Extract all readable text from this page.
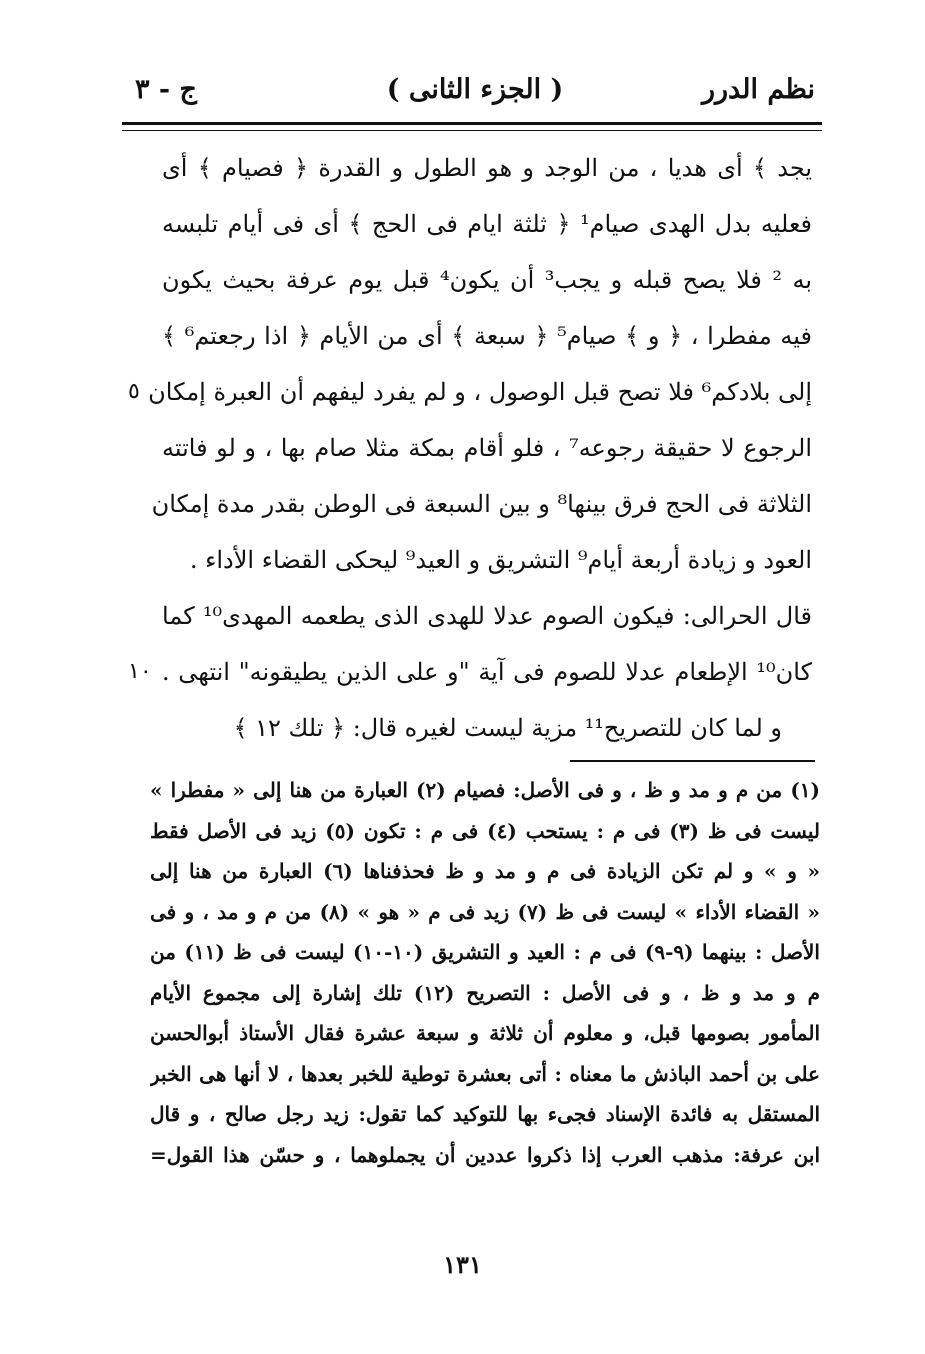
نظم الدرر
( الجزء الثانى )
ج - ٣
يجد ﴾ أى هديا ، من الوجد و هو الطول و القدرة ﴿ فصيام ﴾ أى
فعليه بدل الهدى صيام¹ ﴿ ثلثة ايام فى الحج ﴾ أى فى أيام تلبسه
به ² فلا يصح قبله و يجب³ أن يكون⁴ قبل يوم عرفة بحيث يكون
فيه مفطرا ، ﴿ و ﴾ صيام⁵ ﴿ سبعة ﴾ أى من الأيام ﴿ اذا رجعتم⁶ ﴾
إلى بلادكم⁶ فلا تصح قبل الوصول ، و لم يفرد ليفهم أن العبرة إمكان
٥
الرجوع لا حقيقة رجوعه⁷ ، فلو أقام بمكة مثلا صام بها ، و لو فاتته
الثلاثة فى الحج فرق بينها⁸ و بين السبعة فى الوطن بقدر مدة إمكان
العود و زيادة أربعة أيام⁹ التشريق و العيد⁹ ليحكى القضاء الأداء .
قال الحرالى: فيكون الصوم عدلا للهدى الذى يطعمه المهدى¹⁰ كما
كان¹⁰ الإطعام عدلا للصوم فى آية "و على الذين يطيقونه" انتهى .
١٠
و لما كان للتصريح¹¹ مزية ليست لغيره قال: ﴿ تلك ١٢ ﴾
(١) من م و مد و ظ ، و فى الأصل: فصيام (٢) العبارة من هنا إلى « مفطرا »
ليست فى ظ (٣) فى م : يستحب (٤) فى م : تكون (٥) زيد فى الأصل فقط
« و » و لم تكن الزيادة فى م و مد و ظ فحذفناها (٦) العبارة من هنا إلى
« القضاء الأداء » ليست فى ظ (٧) زيد فى م « هو » (٨) من م و مد ، و فى
الأصل : بينهما (٩-٩) فى م : العيد و التشريق (١٠-١٠) ليست فى ظ (١١) من
م و مد و ظ ، و فى الأصل : التصريح (١٢) تلك إشارة إلى مجموع الأيام
المأمور بصومها قبل، و معلوم أن ثلاثة و سبعة عشرة فقال الأستاذ أبوالحسن
على بن أحمد الباذش ما معناه : أتى بعشرة توطية للخبر بعدها ، لا أنها هى الخبر
المستقل به فائدة الإسناد فجىء بها للتوكيد كما تقول: زيد رجل صالح ، و قال
ابن عرفة: مذهب العرب إذا ذكروا عددين أن يجملوهما ، و حسّن هذا القول=
١٣١
